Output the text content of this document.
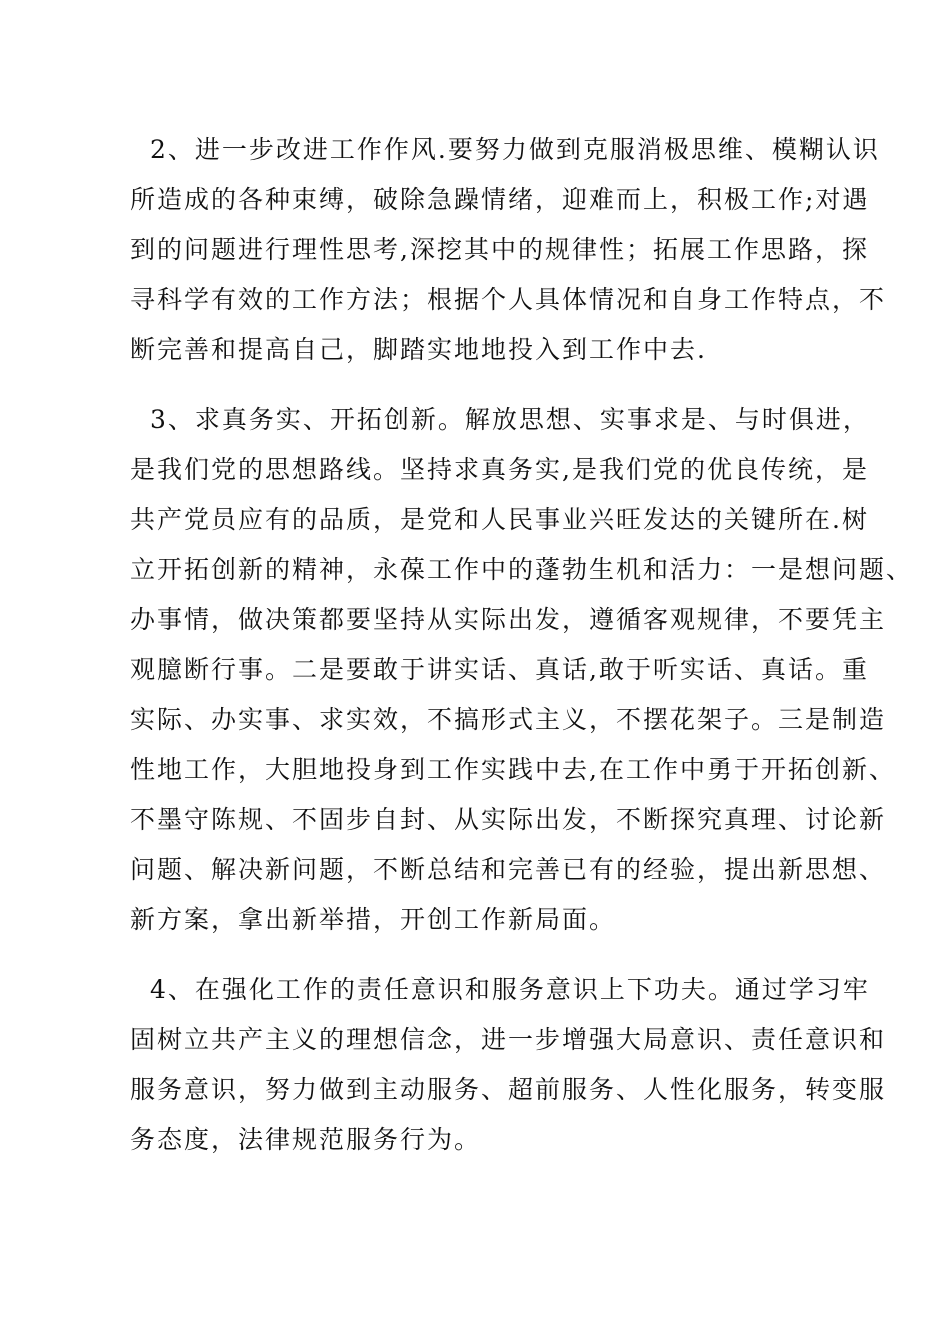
2、进一步改进工作作风.要努力做到克服消极思维、模糊认识
所造成的各种束缚，破除急躁情绪，迎难而上，积极工作;对遇
到的问题进行理性思考,深挖其中的规律性；拓展工作思路，探
寻科学有效的工作方法；根据个人具体情况和自身工作特点，不
断完善和提高自己，脚踏实地地投入到工作中去.
3、求真务实、开拓创新。解放思想、实事求是、与时俱进，
是我们党的思想路线。坚持求真务实,是我们党的优良传统，是
共产党员应有的品质，是党和人民事业兴旺发达的关键所在.树
立开拓创新的精神，永葆工作中的蓬勃生机和活力：一是想问题、
办事情，做决策都要坚持从实际出发，遵循客观规律，不要凭主
观臆断行事。二是要敢于讲实话、真话,敢于听实话、真话。重
实际、办实事、求实效，不搞形式主义，不摆花架子。三是制造
性地工作，大胆地投身到工作实践中去,在工作中勇于开拓创新、
不墨守陈规、不固步自封、从实际出发，不断探究真理、讨论新
问题、解决新问题，不断总结和完善已有的经验，提出新思想、
新方案，拿出新举措，开创工作新局面。
4、在强化工作的责任意识和服务意识上下功夫。通过学习牢
固树立共产主义的理想信念，进一步增强大局意识、责任意识和
服务意识，努力做到主动服务、超前服务、人性化服务，转变服
务态度，法律规范服务行为。
